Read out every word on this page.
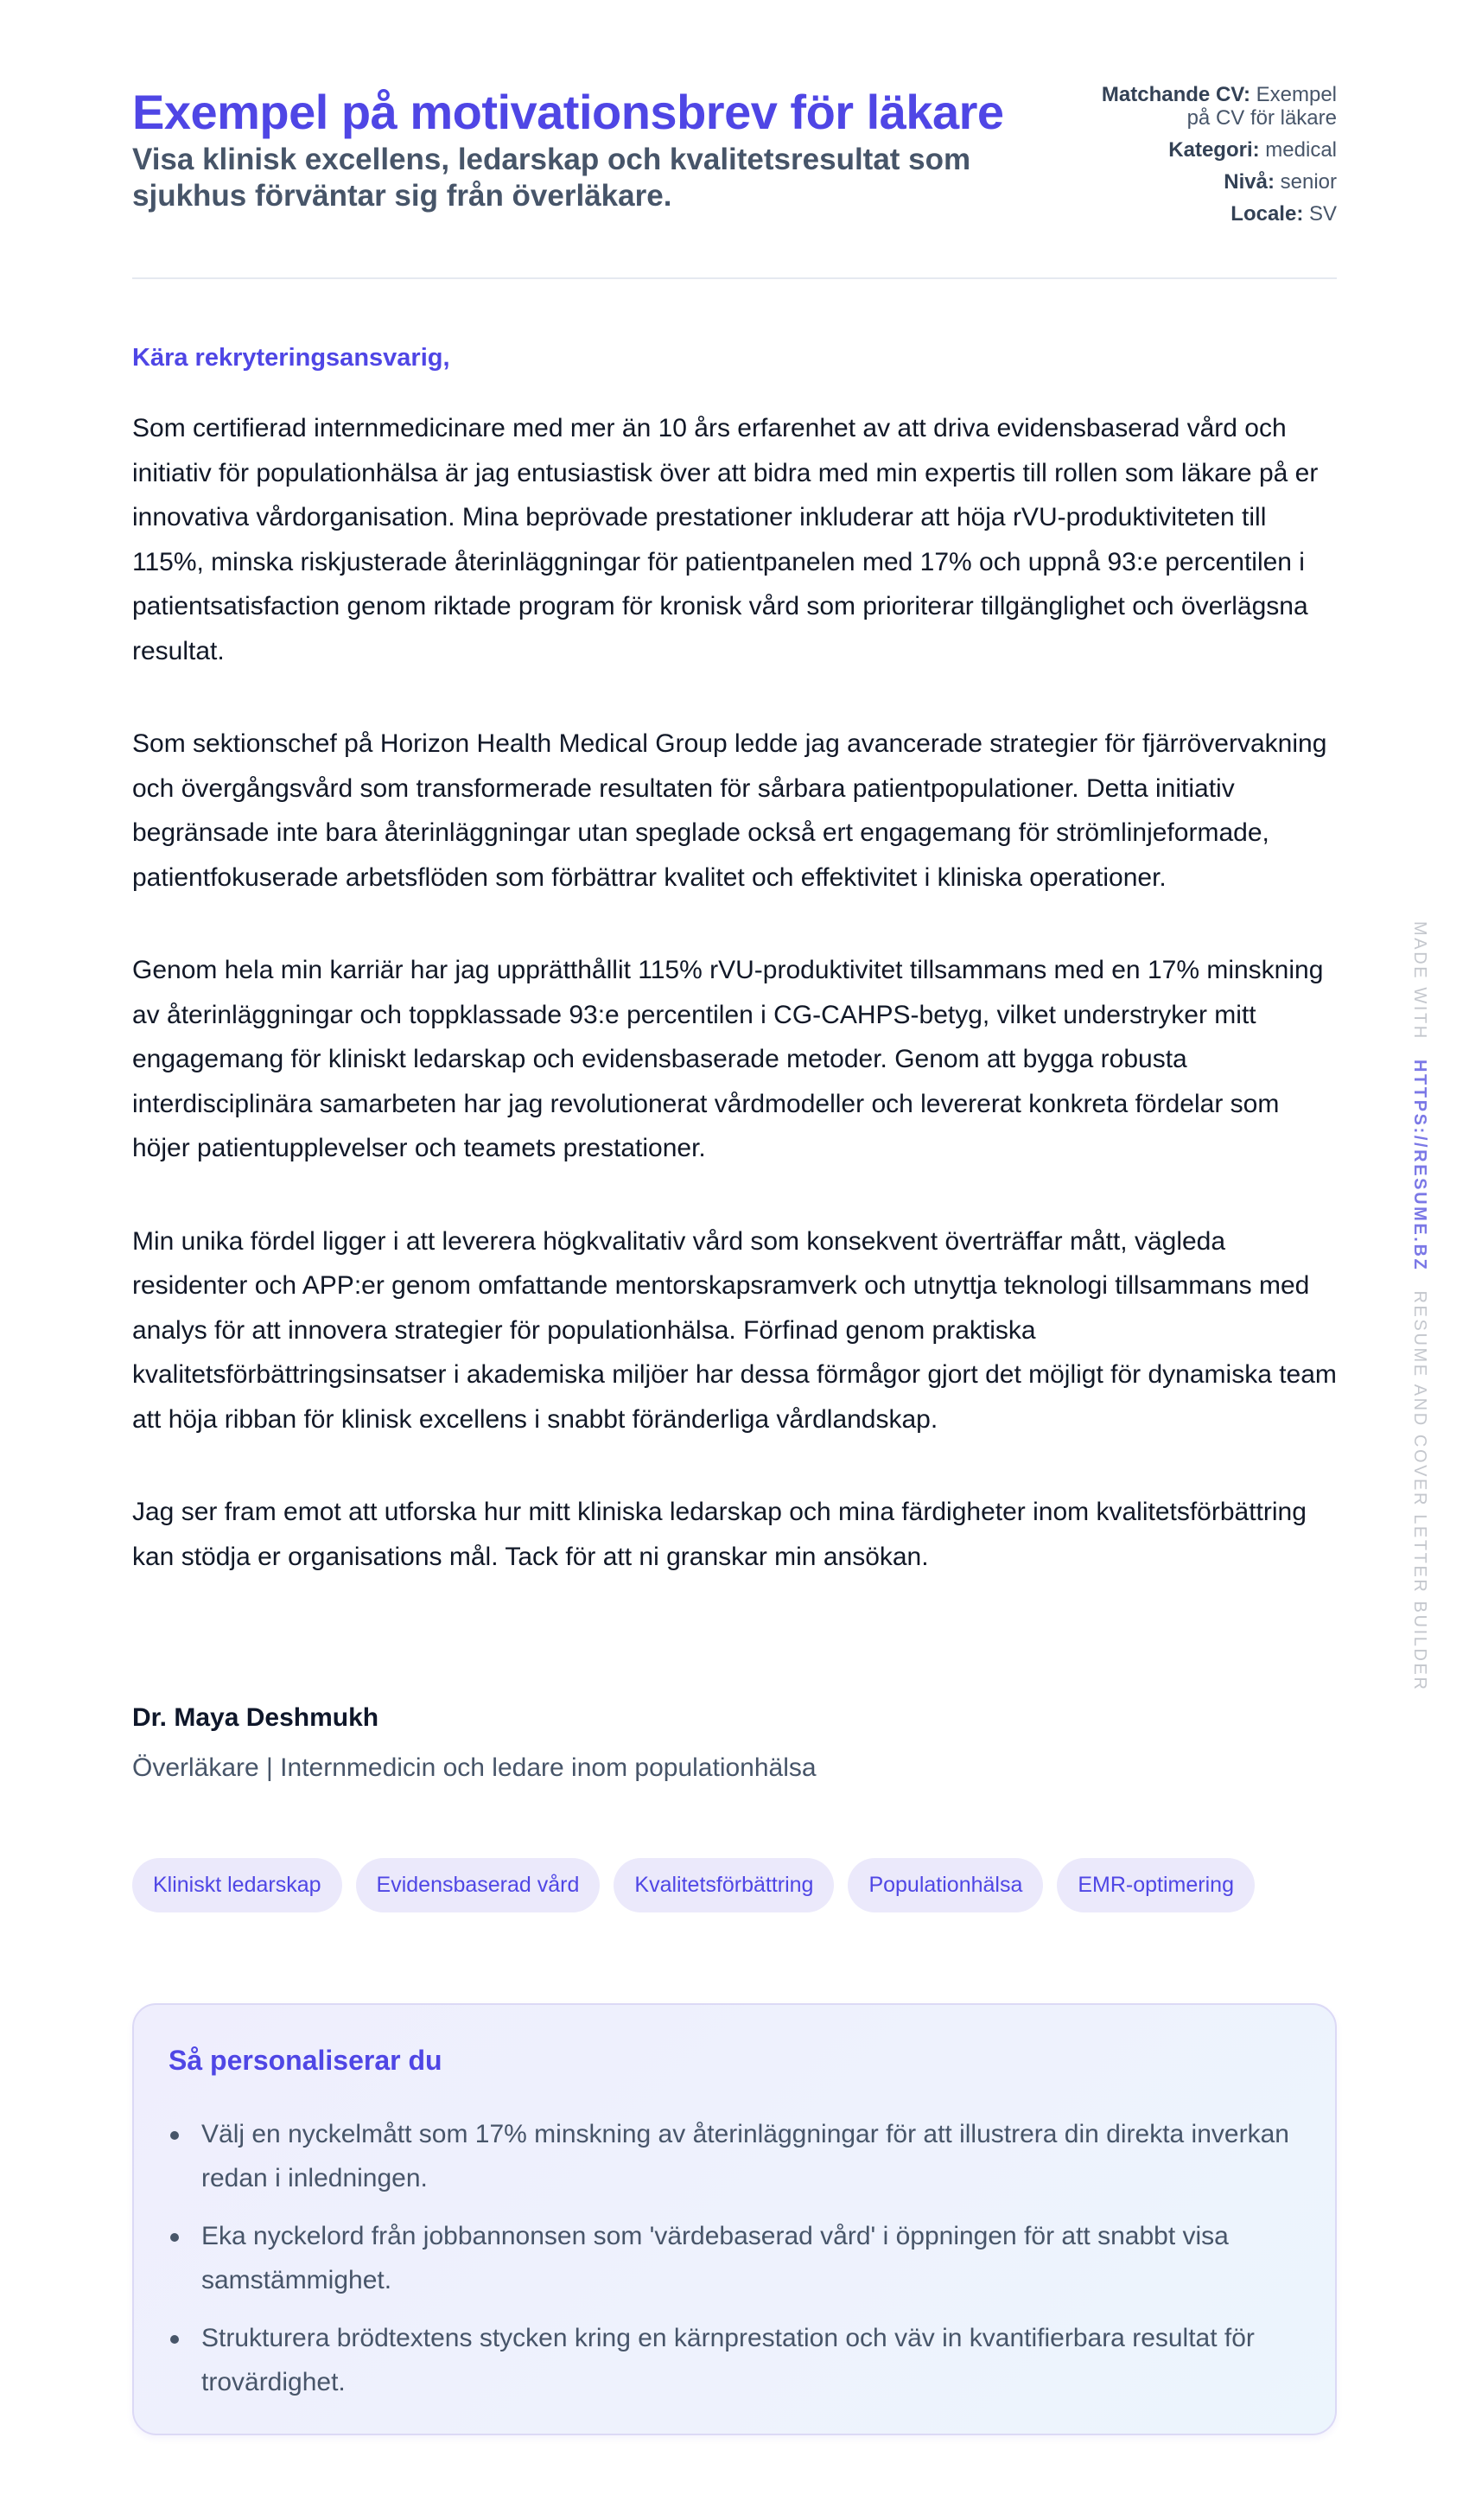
Exempel på motivationsbrev för läkare

Visa klinisk excellens, ledarskap och kvalitetsresultat som sjukhus förväntar sig från överläkare.

Matchande CV: Exempel på CV för läkare
Kategori: medical
Nivå: senior
Locale: SV

Kära rekryteringsansvarig,

Som certifierad internmedicinare med mer än 10 års erfarenhet av att driva evidensbaserad vård och initiativ för populationhälsa är jag entusiastisk över att bidra med min expertis till rollen som läkare på er innovativa vårdorganisation. Mina beprövade prestationer inkluderar att höja rVU-produktiviteten till 115%, minska riskjusterade återinläggningar för patientpanelen med 17% och uppnå 93:e percentilen i patientsatisfaction genom riktade program för kronisk vård som prioriterar tillgänglighet och överlägsna resultat.

Som sektionschef på Horizon Health Medical Group ledde jag avancerade strategier för fjärrövervakning och övergångsvård som transformerade resultaten för sårbara patientpopulationer. Detta initiativ begränsade inte bara återinläggningar utan speglade också ert engagemang för strömlinjeformade, patientfokuserade arbetsflöden som förbättrar kvalitet och effektivitet i kliniska operationer.

Genom hela min karriär har jag upprätthållit 115% rVU-produktivitet tillsammans med en 17% minskning av återinläggningar och toppklassade 93:e percentilen i CG-CAHPS-betyg, vilket understryker mitt engagemang för kliniskt ledarskap och evidensbaserade metoder. Genom att bygga robusta interdisciplinära samarbeten har jag revolutionerat vårdmodeller och levererat konkreta fördelar som höjer patientupplevelser och teamets prestationer.

Min unika fördel ligger i att leverera högkvalitativ vård som konsekvent överträffar mått, vägleda residenter och APP:er genom omfattande mentorskapsramverk och utnyttja teknologi tillsammans med analys för att innovera strategier för populationhälsa. Förfinad genom praktiska kvalitetsförbättringsinsatser i akademiska miljöer har dessa förmågor gjort det möjligt för dynamiska team att höja ribban för klinisk excellens i snabbt föränderliga vårdlandskap.

Jag ser fram emot att utforska hur mitt kliniska ledarskap och mina färdigheter inom kvalitetsförbättring kan stödja er organisations mål. Tack för att ni granskar min ansökan.

Dr. Maya Deshmukh

Överläkare | Internmedicin och ledare inom populationhälsa

Kliniskt ledarskap	Evidensbaserad vård	Kvalitetsförbättring	Populationhälsa	EMR-optimering
Så personaliserar du
Välj en nyckelmått som 17% minskning av återinläggningar för att illustrera din direkta inverkan redan i inledningen.
Eka nyckelord från jobbannonsen som 'värdebaserad vård' i öppningen för att snabbt visa samstämmighet.
Strukturera brödtextens stycken kring en kärnprestation och väv in kvantifierbara resultat för trovärdighet.
MADE WITH HTTPS://RESUME.BZ RESUME AND COVER LETTER BUILDER
